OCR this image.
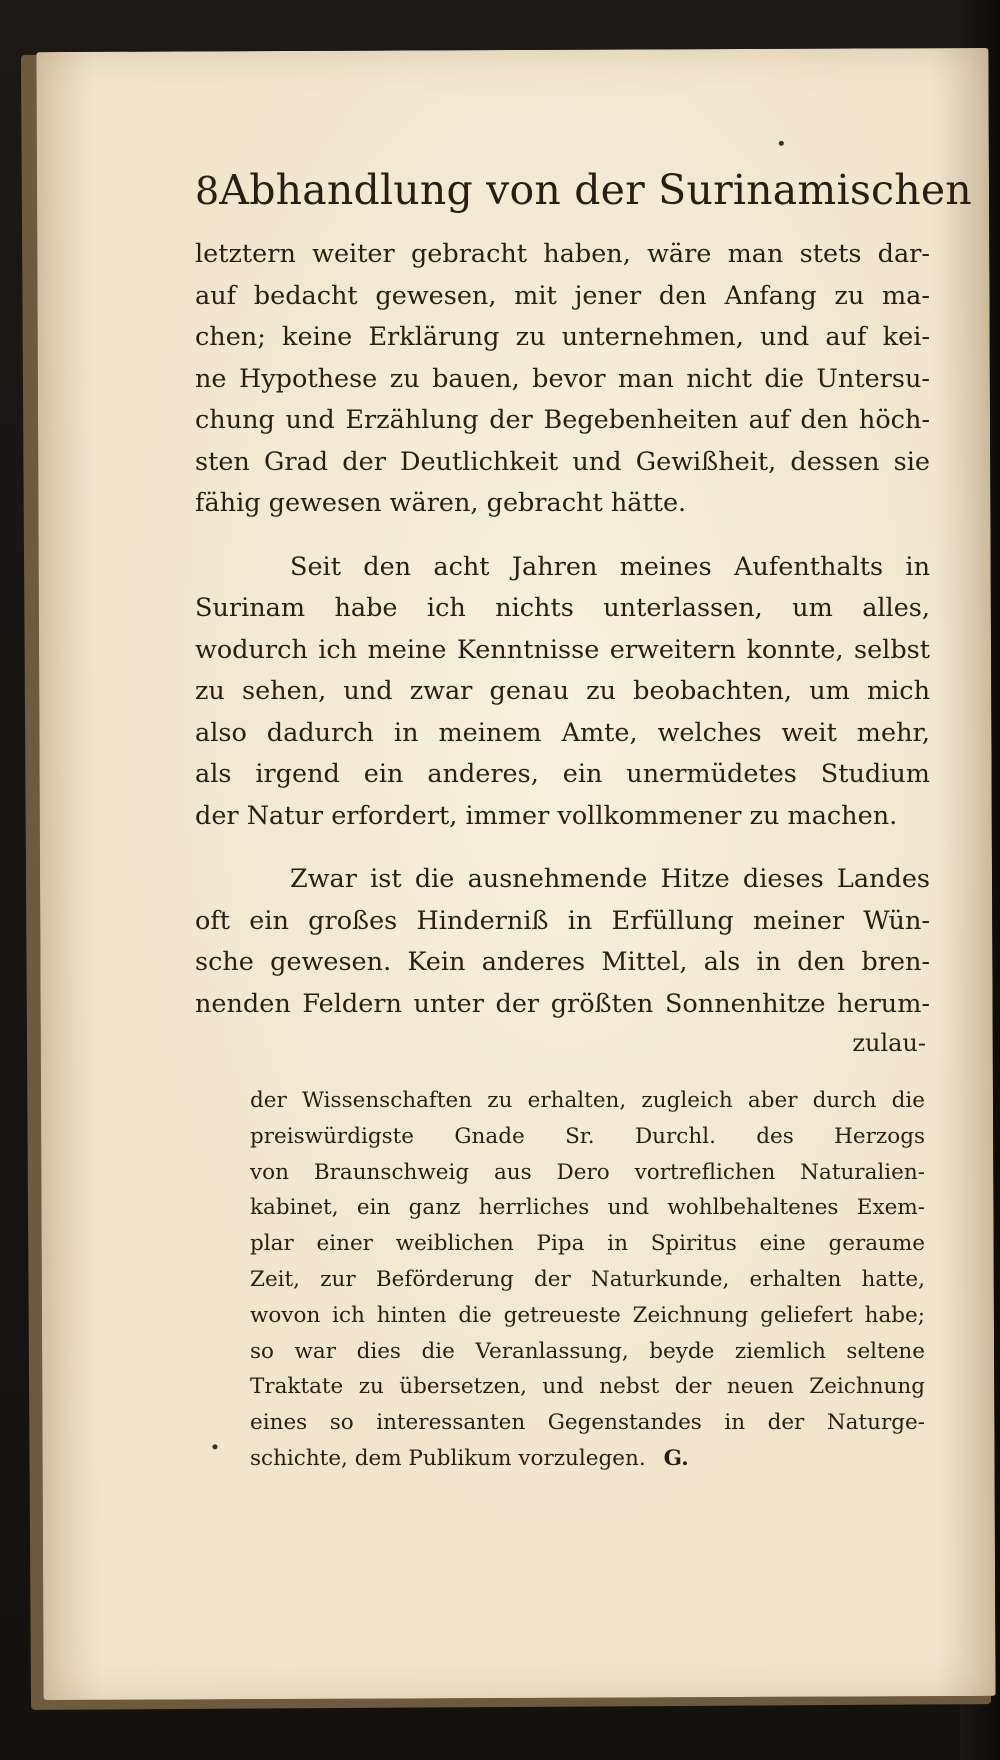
8 Abhandlung von der Surinamischen

letztern weiter gebracht haben, wäre man stets dar-
auf bedacht gewesen, mit jener den Anfang zu ma-
chen; keine Erklärung zu unternehmen, und auf kei-
ne Hypothese zu bauen, bevor man nicht die Untersu-
chung und Erzählung der Begebenheiten auf den höch-
sten Grad der Deutlichkeit und Gewißheit, dessen sie
fähig gewesen wären, gebracht hätte.

Seit den acht Jahren meines Aufenthalts in
Surinam habe ich nichts unterlassen, um alles,
wodurch ich meine Kenntnisse erweitern konnte, selbst
zu sehen, und zwar genau zu beobachten, um mich
also dadurch in meinem Amte, welches weit mehr,
als irgend ein anderes, ein unermüdetes Studium
der Natur erfordert, immer vollkommener zu machen.

Zwar ist die ausnehmende Hitze dieses Landes
oft ein großes Hinderniß in Erfüllung meiner Wün-
sche gewesen. Kein anderes Mittel, als in den bren-
nenden Feldern unter der größten Sonnenhitze herum-

zulau-
der Wissenschaften zu erhalten, zugleich aber durch die
preiswürdigste Gnade Sr. Durchl. des Herzogs
von Braunschweig aus Dero vortreflichen Naturalien-
kabinet, ein ganz herrliches und wohlbehaltenes Exem-
plar einer weiblichen Pipa in Spiritus eine geraume
Zeit, zur Beförderung der Naturkunde, erhalten hatte,
wovon ich hinten die getreueste Zeichnung geliefert habe;
so war dies die Veranlassung, beyde ziemlich seltene
Traktate zu übersetzen, und nebst der neuen Zeichnung
eines so interessanten Gegenstandes in der Naturge-
schichte, dem Publikum vorzulegen. G.
